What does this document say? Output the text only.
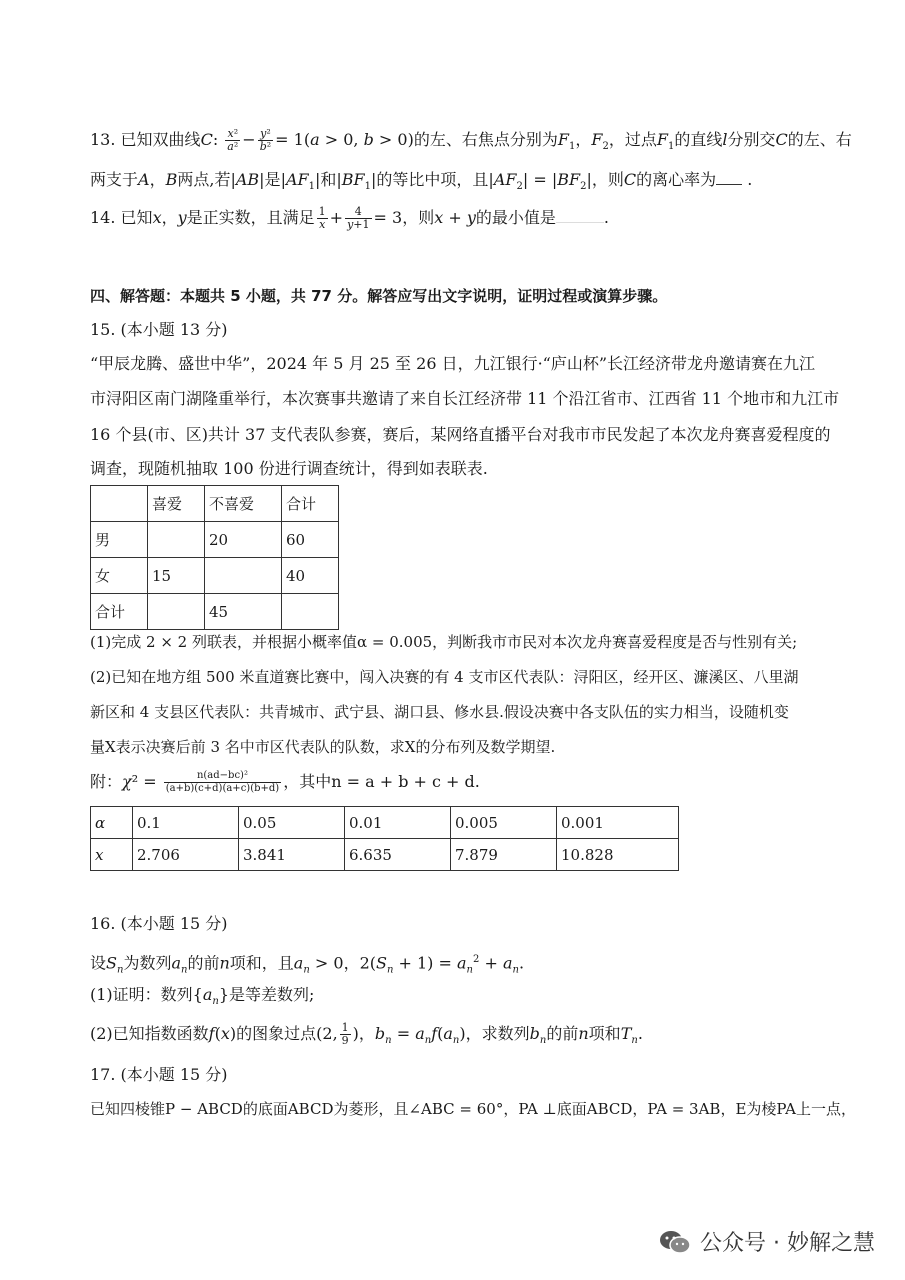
13. 已知双曲线C: $\frac{\text{x²}}{\text{a²}} - \frac{\text{y²}}{\text{b²}} = 1(a > 0$, b > 0)的左、右焦点分别为$F_1$，$F_2$，过点$F_1$的直线l分别交C的左、右
两支于A，B两点,若|AB|是$|AF_1|$和$|BF_1|$的等比中项，且$|AF_2| = |BF_2|$，则C的离心率为 .
14. 已知x，y是正实数，且满足 $\frac{1}{x} + \frac{4}{y+1} = 3$，则x + y的最小值是	.
四、解答题：本题共 5 小题，共 77 分。解答应写出文字说明，证明过程或演算步骤。
15. (本小题 13 分)
“甲辰龙腾、盛世中华”，2024 年 5 月 25 至 26 日，九江银行·“庐山杯”长江经济带龙舟邀请赛在九江
市浔阳区南门湖隆重举行，本次赛事共邀请了来自长江经济带 11 个沿江省市、江西省 11 个地市和九江市
16 个县(市、区)共计 37 支代表队参赛，赛后，某网络直播平台对我市市民发起了本次龙舟赛喜爱程度的
调查，现随机抽取 100 份进行调查统计，得到如表联表.
	喜爱	不喜爱	合计
男		20	60
女	15		40
合计		45	
(1)完成 2 × 2 列联表，并根据小概率值α = 0.005，判断我市市民对本次龙舟赛喜爱程度是否与性别有关;
(2)已知在地方组 500 米直道赛比赛中，闯入决赛的有 4 支市区代表队：浔阳区，经开区、濂溪区、八里湖
新区和 4 支县区代表队：共青城市、武宁县、湖口县、修水县.假设决赛中各支队伍的实力相当，设随机变
量X表示决赛后前 3 名中市区代表队的队数，求X的分布列及数学期望.
附：$\chi^2 = \frac{\text{n(ad−bc)²}}{(a+b)(c+d)(a+c)(b+d)}$ ，其中n = a + b + c + d.
α	0.1	0.05	0.01	0.005	0.001
x	2.706	3.841	6.635	7.879	10.828
16. (本小题 15 分)
设$S_n$为数列$a_n$的前n项和，且$a_n > 0$，$2(S_n + 1) = a_n^2 + a_n$.
(1)证明：数列$\{a_n\}$是等差数列;
(2)已知指数函数f(x)的图象过点(2, $\frac{1}{9}$ )，$b_n = a_nf(a_n)$，求数列$b_n$的前n项和$T_n$.
17. (本小题 15 分)
已知四棱锥P − ABCD的底面ABCD为菱形，且∠ABC = 60°，PA ⊥底面ABCD，PA = 3AB，E为棱PA上一点，
公众号 · 妙解之慧
